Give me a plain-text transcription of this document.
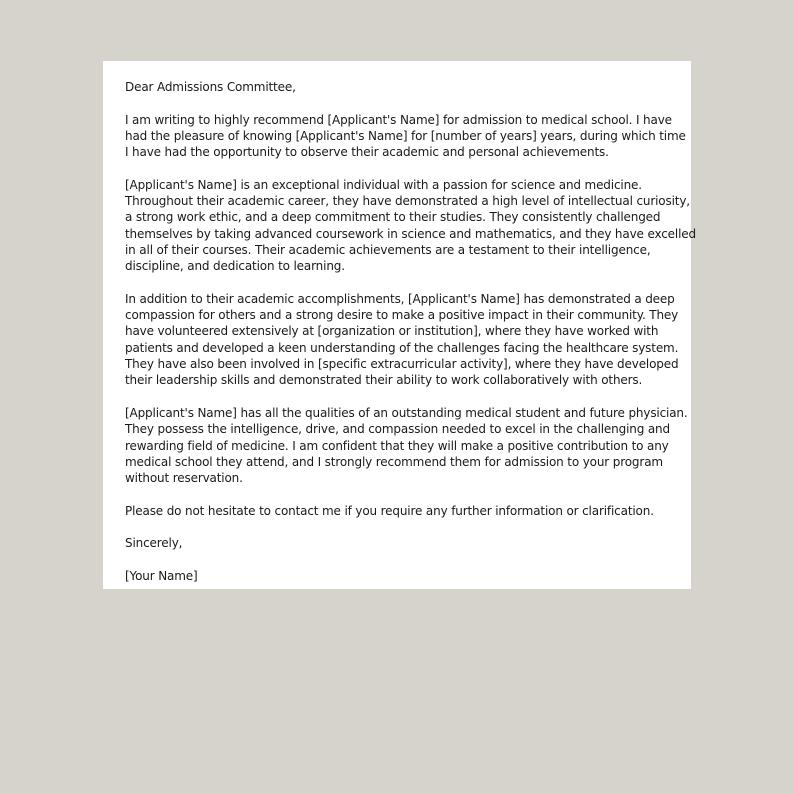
Dear Admissions Committee,

I am writing to highly recommend [Applicant's Name] for admission to medical school. I have

had the pleasure of knowing [Applicant's Name] for [number of years] years, during which time

I have had the opportunity to observe their academic and personal achievements.

[Applicant's Name] is an exceptional individual with a passion for science and medicine.

Throughout their academic career, they have demonstrated a high level of intellectual curiosity,

a strong work ethic, and a deep commitment to their studies. They consistently challenged

themselves by taking advanced coursework in science and mathematics, and they have excelled

in all of their courses. Their academic achievements are a testament to their intelligence,

discipline, and dedication to learning.

In addition to their academic accomplishments, [Applicant's Name] has demonstrated a deep

compassion for others and a strong desire to make a positive impact in their community. They

have volunteered extensively at [organization or institution], where they have worked with

patients and developed a keen understanding of the challenges facing the healthcare system.

They have also been involved in [specific extracurricular activity], where they have developed

their leadership skills and demonstrated their ability to work collaboratively with others.

[Applicant's Name] has all the qualities of an outstanding medical student and future physician.

They possess the intelligence, drive, and compassion needed to excel in the challenging and

rewarding field of medicine. I am confident that they will make a positive contribution to any

medical school they attend, and I strongly recommend them for admission to your program

without reservation.

Please do not hesitate to contact me if you require any further information or clarification.

Sincerely,

[Your Name]
